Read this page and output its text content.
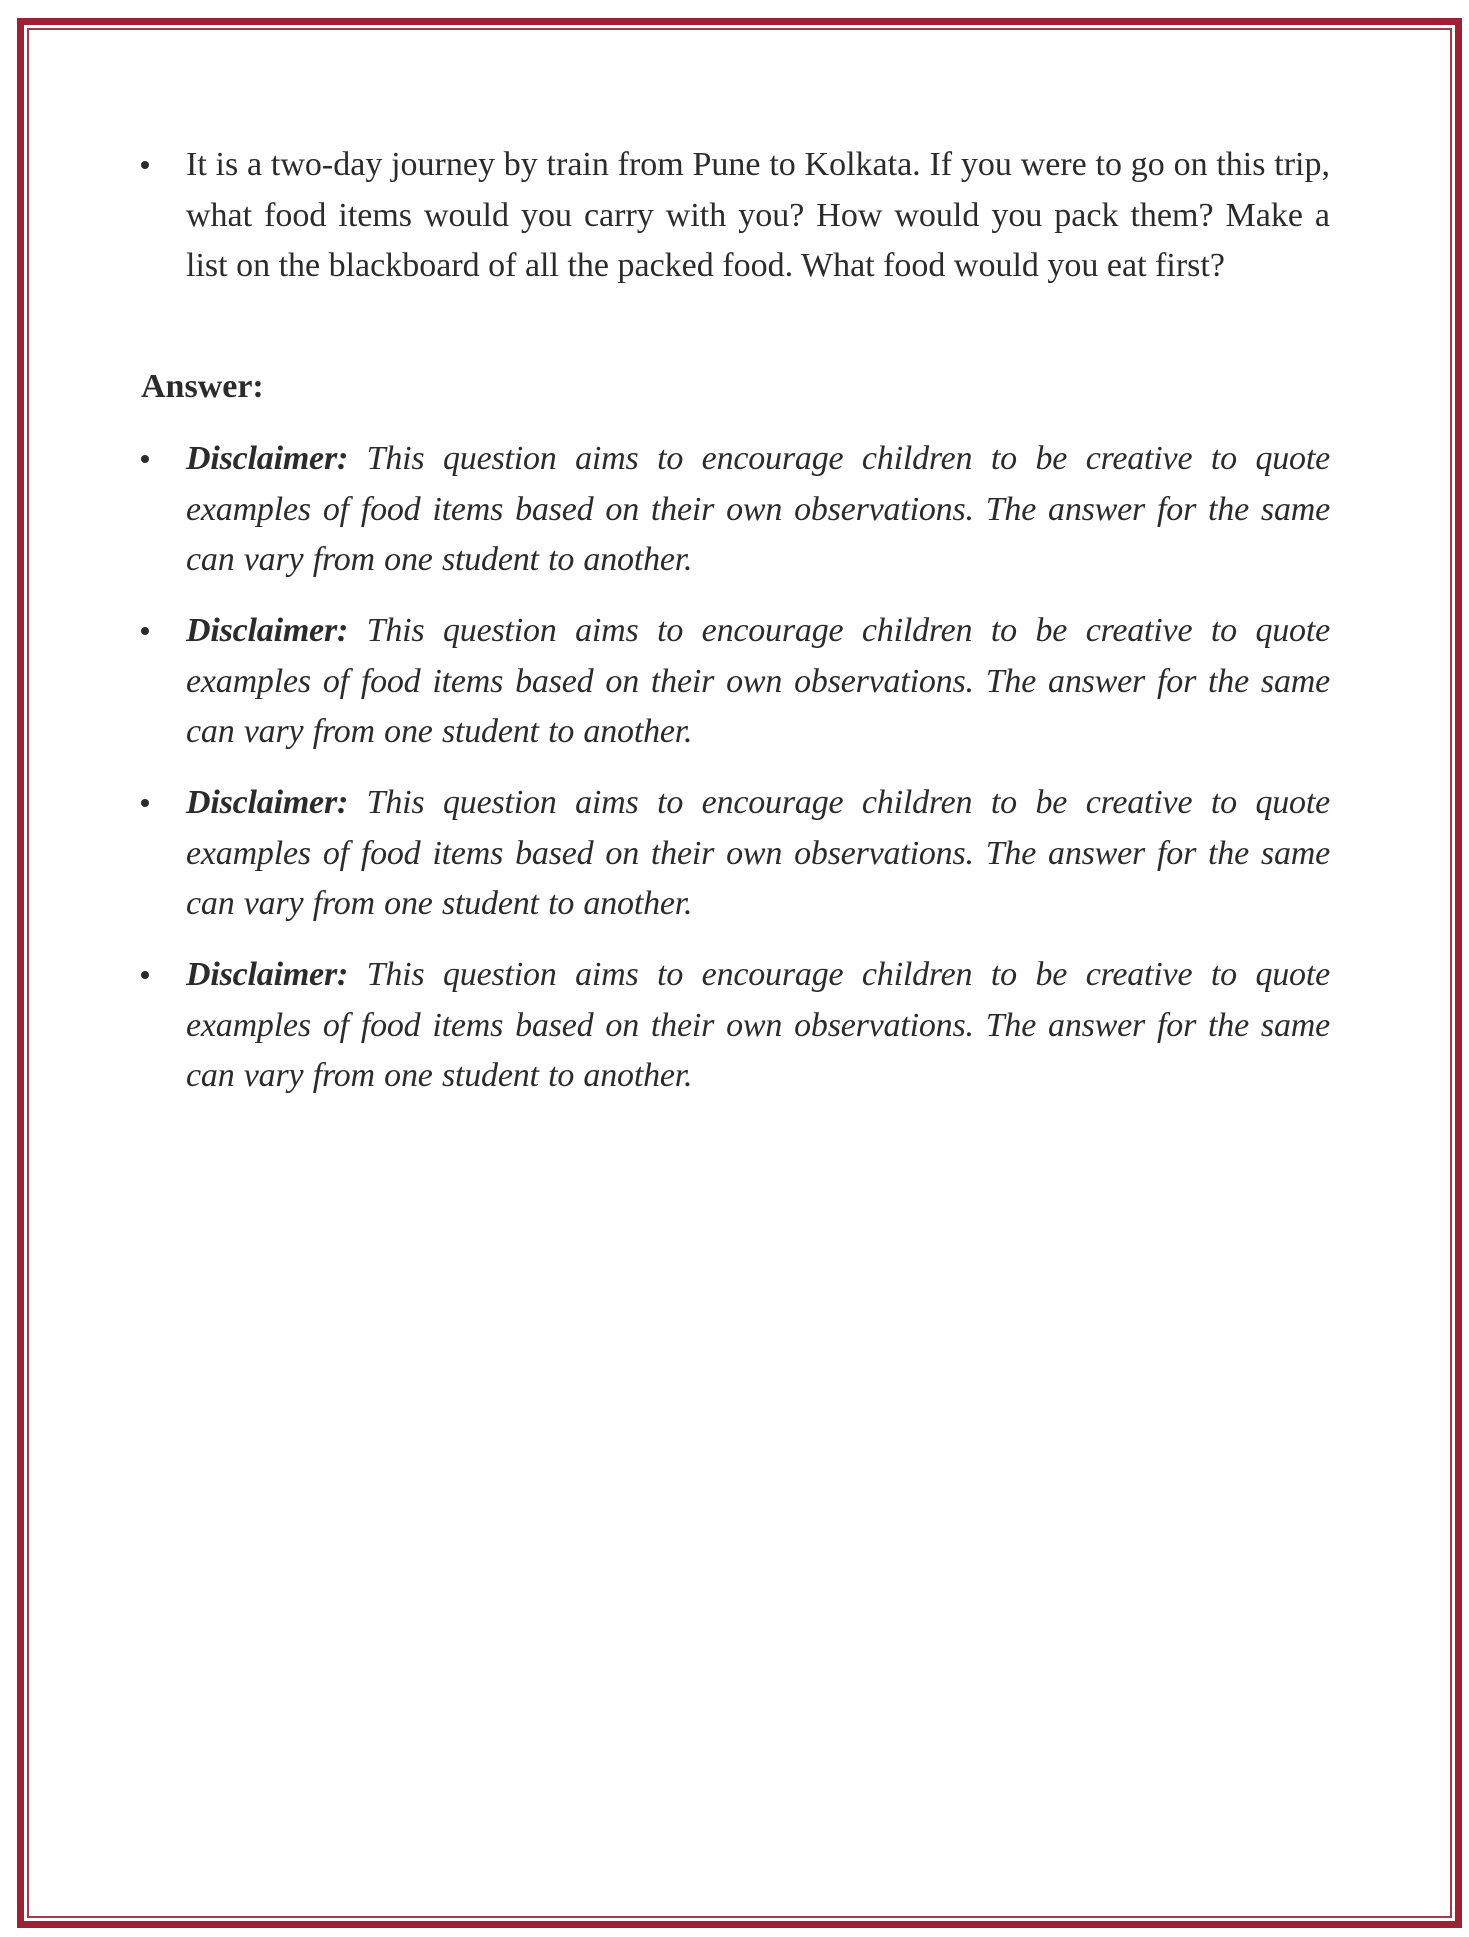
It is a two-day journey by train from Pune to Kolkata. If you were to go on this trip, what food items would you carry with you? How would you pack them? Make a list on the blackboard of all the packed food. What food would you eat first?
Answer:
Disclaimer: This question aims to encourage children to be creative to quote examples of food items based on their own observations. The answer for the same can vary from one student to another.
Disclaimer: This question aims to encourage children to be creative to quote examples of food items based on their own observations. The answer for the same can vary from one student to another.
Disclaimer: This question aims to encourage children to be creative to quote examples of food items based on their own observations. The answer for the same can vary from one student to another.
Disclaimer: This question aims to encourage children to be creative to quote examples of food items based on their own observations. The answer for the same can vary from one student to another.
